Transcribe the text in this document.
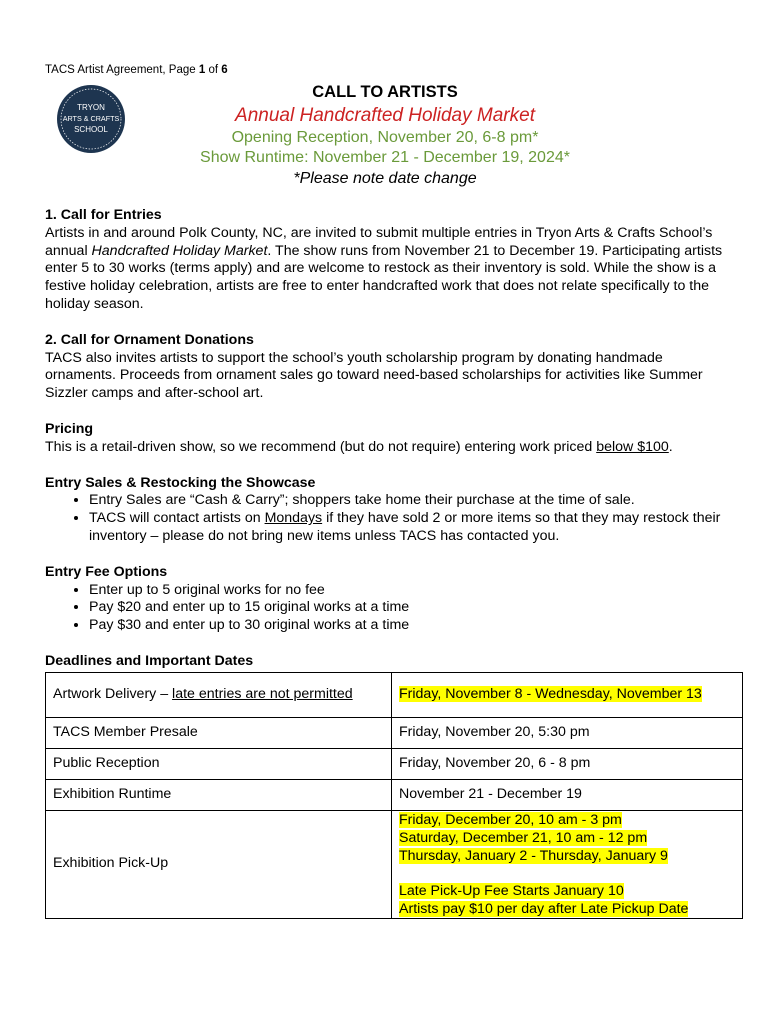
TACS Artist Agreement, Page 1 of 6
TRYON
ARTS & CRAFTS
SCHOOL
CALL TO ARTISTS
Annual Handcrafted Holiday Market
Opening Reception, November 20, 6-8 pm*
Show Runtime: November 21 - December 19, 2024*
*Please note date change
1. Call for Entries

Artists in and around Polk County, NC, are invited to submit multiple entries in Tryon Arts & Crafts School’s annual Handcrafted Holiday Market. The show runs from November 21 to December 19. Participating artists enter 5 to 30 works (terms apply) and are welcome to restock as their inventory is sold. While the show is a festive holiday celebration, artists are free to enter handcrafted work that does not relate specifically to the holiday season.

2. Call for Ornament Donations

TACS also invites artists to support the school’s youth scholarship program by donating handmade ornaments. Proceeds from ornament sales go toward need-based scholarships for activities like Summer Sizzler camps and after-school art.

Pricing

This is a retail-driven show, so we recommend (but do not require) entering work priced below $100.

Entry Sales & Restocking the Showcase
• Entry Sales are “Cash & Carry”; shoppers take home their purchase at the time of sale.
• TACS will contact artists on Mondays if they have sold 2 or more items so that they may restock their inventory – please do not bring new items unless TACS has contacted you.
Entry Fee Options
• Enter up to 5 original works for no fee
• Pay $20 and enter up to 15 original works at a time
• Pay $30 and enter up to 30 original works at a time
Deadlines and Important Dates
Artwork Delivery – late entries are not permitted	Friday, November 8 - Wednesday, November 13
TACS Member Presale	Friday, November 20, 5:30 pm
Public Reception	Friday, November 20, 6 - 8 pm
Exhibition Runtime	November 21 - December 19
Exhibition Pick-Up	Friday, December 20, 10 am - 3 pm
Saturday, December 21, 10 am - 12 pm
Thursday, January 2 - Thursday, January 9
Late Pick-Up Fee Starts January 10
Artists pay $10 per day after Late Pickup Date
